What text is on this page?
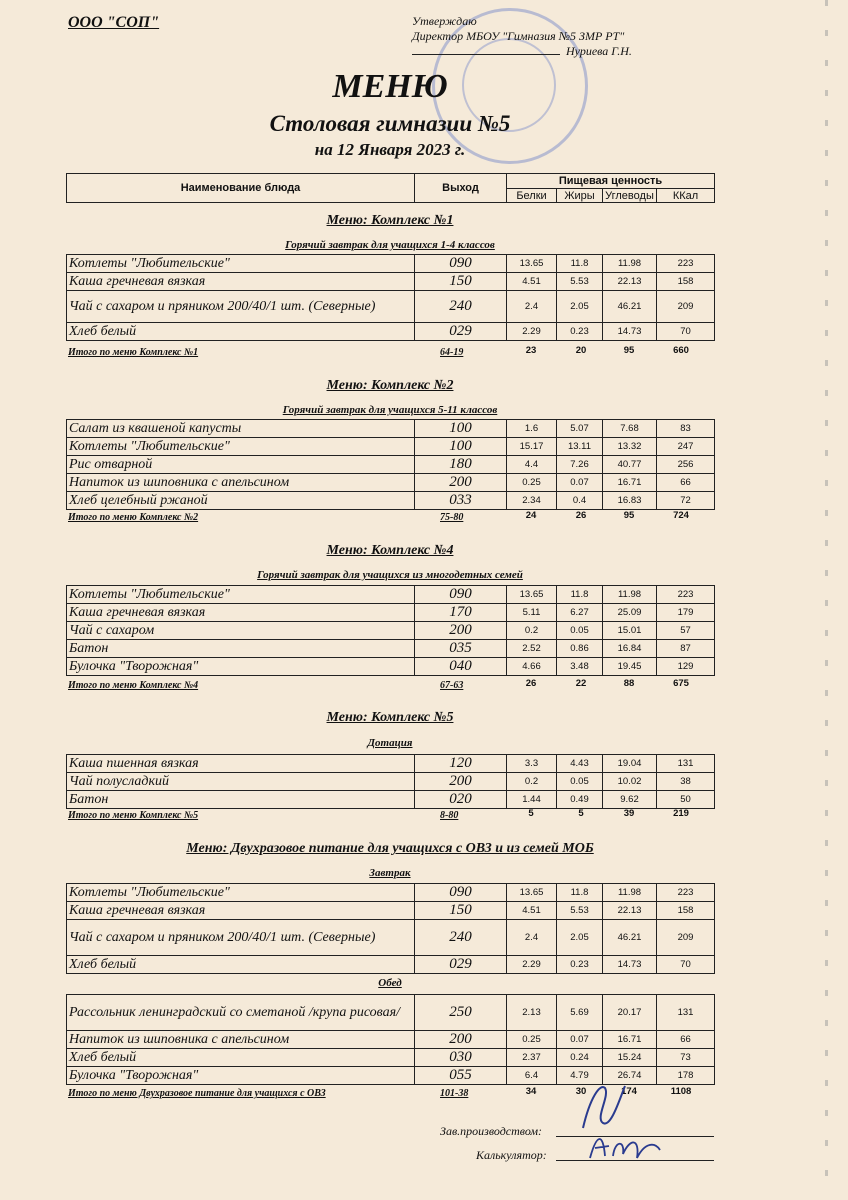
ООО "СОП"	Утверждаю
Директор МБОУ "Гимназия №5 ЗМР РТ"
Нуриева Г.Н.
МЕНЮ
Столовая гимназии №5
на 12 Января 2023 г.
Наименование блюда	Выход	Пищевая ценность			
		Белки	Жиры	Углеводы	ККал
Меню: Комплекс №1
Горячий завтрак для учащихся 1-4 классов
Котлеты "Любительские"	090	13.65	11.8	11.98	223
Каша гречневая вязкая	150	4.51	5.53	22.13	158
Чай с сахаром и пряником 200/40/1 шт. (Северные)	240	2.4	2.05	46.21	209
Хлеб белый	029	2.29	0.23	14.73	70
Итого по меню Комплекс №1	64-19	23	20	95	660
Меню: Комплекс №2
Горячий завтрак для учащихся 5-11 классов
Салат из квашеной капусты	100	1.6	5.07	7.68	83
Котлеты "Любительские"	100	15.17	13.11	13.32	247
Рис отварной	180	4.4	7.26	40.77	256
Напиток из шиповника с апельсином	200	0.25	0.07	16.71	66
Хлеб целебный ржаной	033	2.34	0.4	16.83	72
Итого по меню Комплекс №2	75-80	24	26	95	724
Меню: Комплекс №4
Горячий завтрак для учащихся из многодетных семей
Котлеты "Любительские"	090	13.65	11.8	11.98	223
Каша гречневая вязкая	170	5.11	6.27	25.09	179
Чай с сахаром	200	0.2	0.05	15.01	57
Батон	035	2.52	0.86	16.84	87
Булочка "Творожная"	040	4.66	3.48	19.45	129
Итого по меню Комплекс №4	67-63	26	22	88	675
Меню: Комплекс №5
Дотация
Каша пшенная вязкая	120	3.3	4.43	19.04	131
Чай полусладкий	200	0.2	0.05	10.02	38
Батон	020	1.44	0.49	9.62	50
Итого по меню Комплекс №5	8-80	5	5	39	219
Меню: Двухразовое питание для учащихся с ОВЗ и из семей МОБ
Завтрак
Котлеты "Любительские"	090	13.65	11.8	11.98	223
Каша гречневая вязкая	150	4.51	5.53	22.13	158
Чай с сахаром и пряником 200/40/1 шт. (Северные)	240	2.4	2.05	46.21	209
Хлеб белый	029	2.29	0.23	14.73	70
Обед
Рассольник ленинградский со сметаной /крупа рисовая/	250	2.13	5.69	20.17	131
Напиток из шиповника с апельсином	200	0.25	0.07	16.71	66
Хлеб белый	030	2.37	0.24	15.24	73
Булочка "Творожная"	055	6.4	4.79	26.74	178
Итого по меню Двухразовое питание для учащихся с ОВЗ	101-38	34	30	174	1108
Зав.производством:
Калькулятор:
